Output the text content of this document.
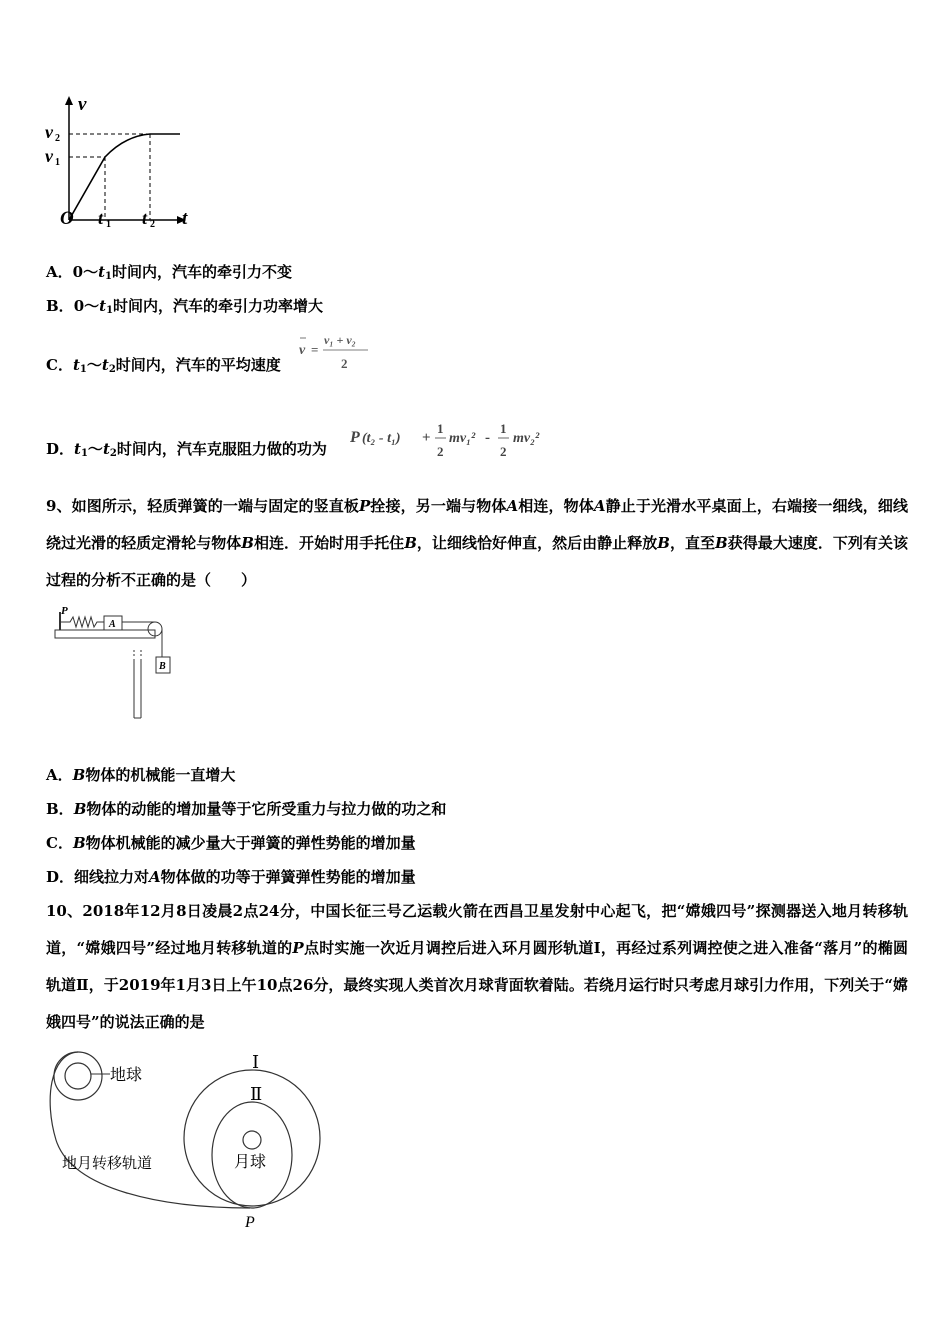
v
t
O
v 2
v 1
t 1 t 2
A．$0\sim t_1$时间内，汽车的牵引力不变
B．$0\sim t_1$时间内，汽车的牵引力功率增大
C．$t_1\sim t_2$时间内，汽车的平均速度
v =
v₁ + v₂
2
D．$t_1\sim t_2$时间内，汽车克服阻力做的功为
P (t₂ - t₁) +
1
2
mv₁² -
1
2
mv₂²
9、如图所示，轻质弹簧的一端与固定的竖直板P拴接，另一端与物体A相连，物体A静止于光滑水平桌面上，右端接一细线，细线绕过光滑的轻质定滑轮与物体B相连．开始时用手托住B，让细线恰好伸直，然后由静止释放B，直至B获得最大速度．下列有关该过程的分析不正确的是（　　）
P
A
B
A．B物体的机械能一直增大
B．B物体的动能的增加量等于它所受重力与拉力做的功之和
C．B物体机械能的减少量大于弹簧的弹性势能的增加量
D．细线拉力对A物体做的功等于弹簧弹性势能的增加量
10、2018年12月8日凌晨2点24分，中国长征三号乙运载火箭在西昌卫星发射中心起飞，把“嫦娥四号”探测器送入地月转移轨道，“嫦娥四号”经过地月转移轨道的P点时实施一次近月调控后进入环月圆形轨道Ⅰ，再经过系列调控使之进入准备“落月”的椭圆轨道Ⅱ，于2019年1月3日上午10点26分，最终实现人类首次月球背面软着陆。若绕月运行时只考虑月球引力作用，下列关于“嫦娥四号”的说法正确的是
地球
地月转移轨道
Ⅰ
Ⅱ
月球
P
